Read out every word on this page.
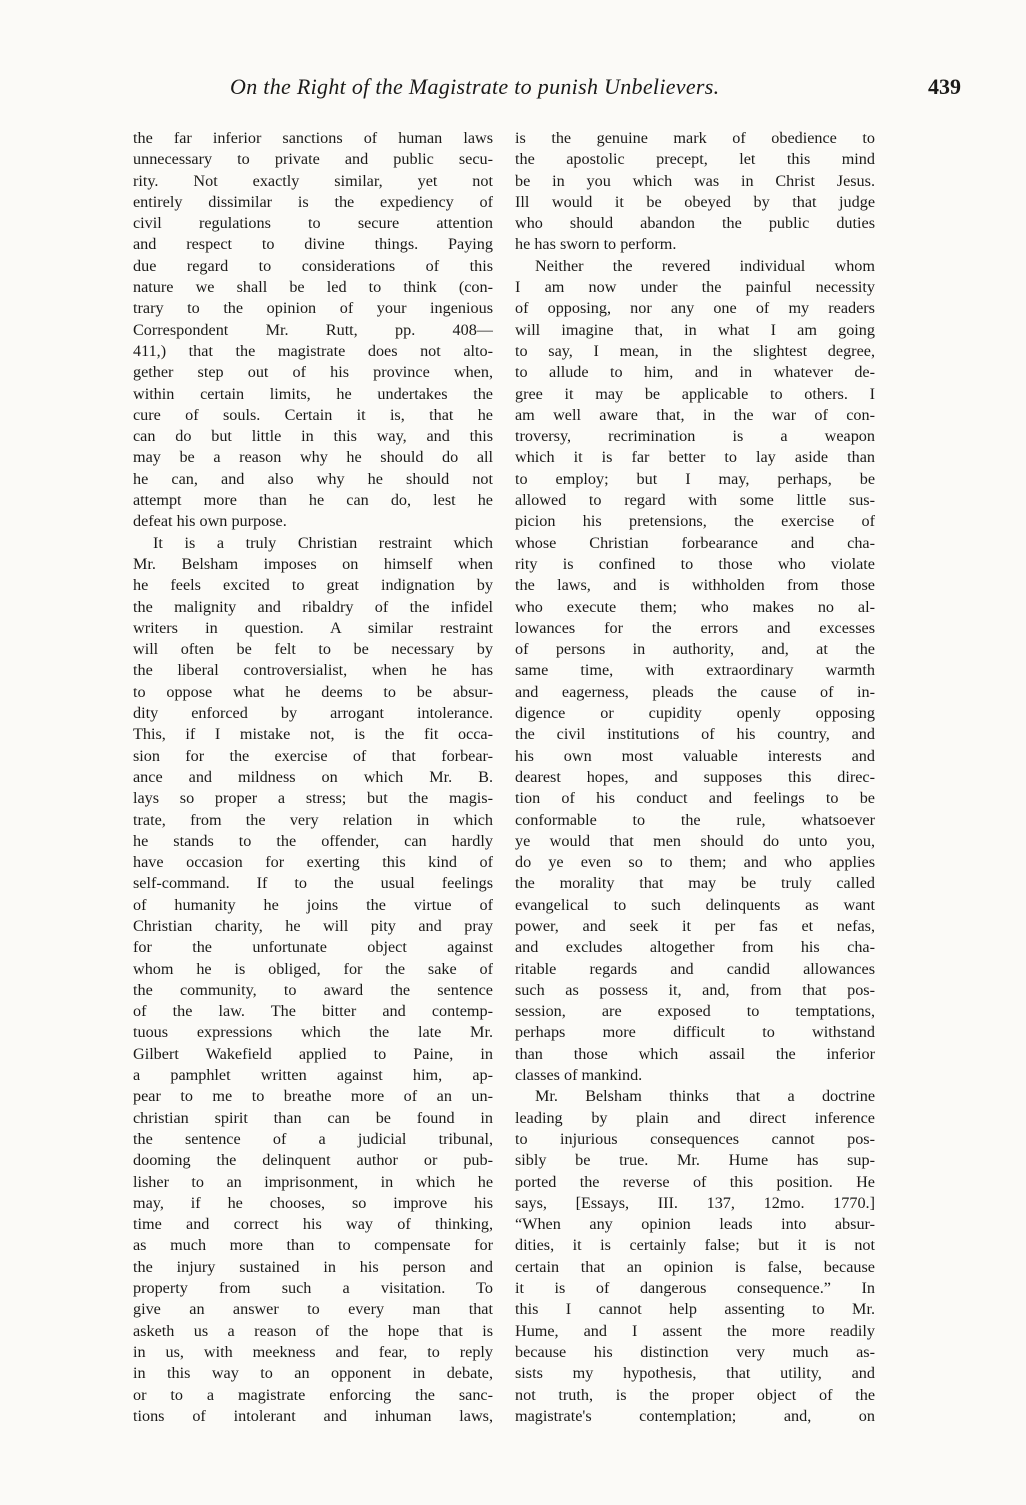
On the Right of the Magistrate to punish Unbelievers.	439
the far inferior sanctions of human laws
unnecessary to private and public secu-
rity. Not exactly similar, yet not
entirely dissimilar is the expediency of
civil regulations to secure attention
and respect to divine things. Paying
due regard to considerations of this
nature we shall be led to think (con-
trary to the opinion of your ingenious
Correspondent Mr. Rutt, pp. 408—
411,) that the magistrate does not alto-
gether step out of his province when,
within certain limits, he undertakes the
cure of souls. Certain it is, that he
can do but little in this way, and this
may be a reason why he should do all
he can, and also why he should not
attempt more than he can do, lest he
defeat his own purpose.
It is a truly Christian restraint which
Mr. Belsham imposes on himself when
he feels excited to great indignation by
the malignity and ribaldry of the infidel
writers in question. A similar restraint
will often be felt to be necessary by
the liberal controversialist, when he has
to oppose what he deems to be absur-
dity enforced by arrogant intolerance.
This, if I mistake not, is the fit occa-
sion for the exercise of that forbear-
ance and mildness on which Mr. B.
lays so proper a stress; but the magis-
trate, from the very relation in which
he stands to the offender, can hardly
have occasion for exerting this kind of
self-command. If to the usual feelings
of humanity he joins the virtue of
Christian charity, he will pity and pray
for the unfortunate object against
whom he is obliged, for the sake of
the community, to award the sentence
of the law. The bitter and contemp-
tuous expressions which the late Mr.
Gilbert Wakefield applied to Paine, in
a pamphlet written against him, ap-
pear to me to breathe more of an un-
christian spirit than can be found in
the sentence of a judicial tribunal,
dooming the delinquent author or pub-
lisher to an imprisonment, in which he
may, if he chooses, so improve his
time and correct his way of thinking,
as much more than to compensate for
the injury sustained in his person and
property from such a visitation. To
give an answer to every man that
asketh us a reason of the hope that is
in us, with meekness and fear, to reply
in this way to an opponent in debate,
or to a magistrate enforcing the sanc-
tions of intolerant and inhuman laws,
is the genuine mark of obedience to
the apostolic precept, let this mind
be in you which was in Christ Jesus.
Ill would it be obeyed by that judge
who should abandon the public duties
he has sworn to perform.
Neither the revered individual whom
I am now under the painful necessity
of opposing, nor any one of my readers
will imagine that, in what I am going
to say, I mean, in the slightest degree,
to allude to him, and in whatever de-
gree it may be applicable to others. I
am well aware that, in the war of con-
troversy, recrimination is a weapon
which it is far better to lay aside than
to employ; but I may, perhaps, be
allowed to regard with some little sus-
picion his pretensions, the exercise of
whose Christian forbearance and cha-
rity is confined to those who violate
the laws, and is withholden from those
who execute them; who makes no al-
lowances for the errors and excesses
of persons in authority, and, at the
same time, with extraordinary warmth
and eagerness, pleads the cause of in-
digence or cupidity openly opposing
the civil institutions of his country, and
his own most valuable interests and
dearest hopes, and supposes this direc-
tion of his conduct and feelings to be
conformable to the rule, whatsoever
ye would that men should do unto you,
do ye even so to them; and who applies
the morality that may be truly called
evangelical to such delinquents as want
power, and seek it per fas et nefas,
and excludes altogether from his cha-
ritable regards and candid allowances
such as possess it, and, from that pos-
session, are exposed to temptations,
perhaps more difficult to withstand
than those which assail the inferior
classes of mankind.
Mr. Belsham thinks that a doctrine
leading by plain and direct inference
to injurious consequences cannot pos-
sibly be true. Mr. Hume has sup-
ported the reverse of this position. He
says, [Essays, III. 137, 12mo. 1770.]
“When any opinion leads into absur-
dities, it is certainly false; but it is not
certain that an opinion is false, because
it is of dangerous consequence.” In
this I cannot help assenting to Mr.
Hume, and I assent the more readily
because his distinction very much as-
sists my hypothesis, that utility, and
not truth, is the proper object of the
magistrate's contemplation; and, on
